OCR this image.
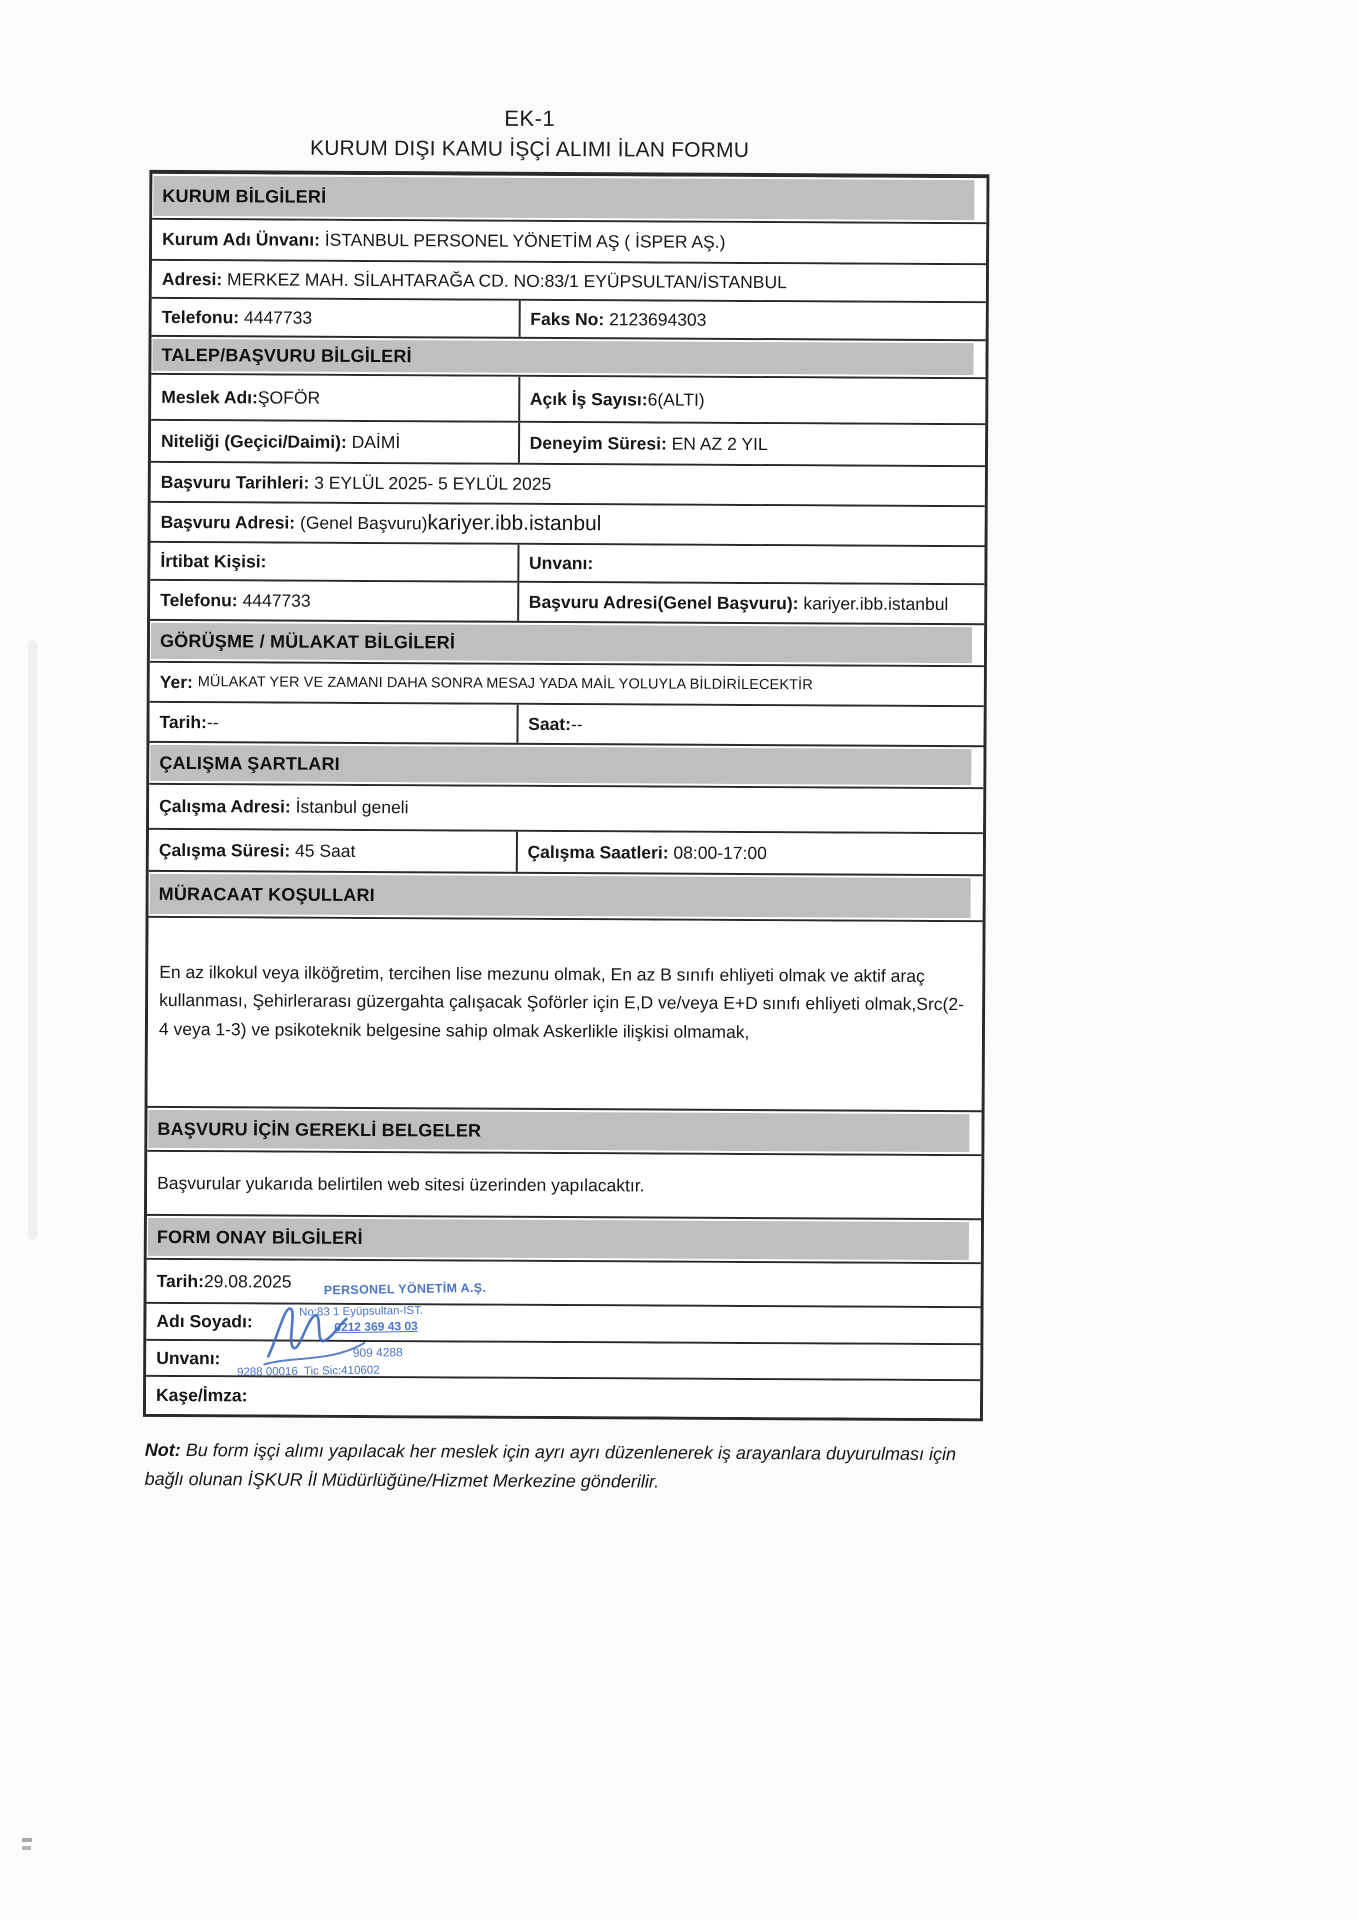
EK-1
KURUM DIŞI KAMU İŞÇİ ALIMI İLAN FORMU
KURUM BİLGİLERİ
Kurum Adı Ünvanı: İSTANBUL PERSONEL YÖNETİM AŞ ( İSPER AŞ.)
Adresi: MERKEZ MAH. SİLAHTARAĞA CD. NO:83/1 EYÜPSULTAN/İSTANBUL
Telefonu: 4447733	Faks No: 2123694303
TALEP/BAŞVURU BİLGİLERİ
Meslek Adı: ŞOFÖR	Açık İş Sayısı: 6(ALTI)
Niteliği (Geçici/Daimi): DAİMİ	Deneyim Süresi: EN AZ 2 YIL
Başvuru Tarihleri: 3 EYLÜL 2025- 5 EYLÜL 2025
Başvuru Adresi: (Genel Başvuru) kariyer.ibb.istanbul
İrtibat Kişisi:	Unvanı:
Telefonu: 4447733	Başvuru Adresi(Genel Başvuru): kariyer.ibb.istanbul
GÖRÜŞME / MÜLAKAT BİLGİLERİ
Yer: MÜLAKAT YER VE ZAMANI DAHA SONRA MESAJ YADA MAİL YOLUYLA BİLDİRİLECEKTİR
Tarih: --	Saat: --
ÇALIŞMA ŞARTLARI
Çalışma Adresi: İstanbul geneli
Çalışma Süresi: 45 Saat	Çalışma Saatleri: 08:00-17:00
MÜRACAAT KOŞULLARI
En az ilkokul veya ilköğretim, tercihen lise mezunu olmak, En az B sınıfı ehliyeti olmak ve aktif araç kullanması, Şehirlerarası güzergahta çalışacak Şoförler için E,D ve/veya E+D sınıfı ehliyeti olmak,Src(2-4 veya 1-3) ve psikoteknik belgesine sahip olmak Askerlikle ilişkisi olmamak,
BAŞVURU İÇİN GEREKLİ BELGELER
Başvurular yukarıda belirtilen web sitesi üzerinden yapılacaktır.
FORM ONAY BİLGİLERİ
Tarih: 29.08.2025
Adı Soyadı:
Unvanı:
Kaşe/İmza:
PERSONEL YÖNETİM A.Ş.
No:83 1 Eyüpsultan-İST.
0212 369 43 03
909 4288
9288 00016  Tic Sic:410602
Not: Bu form işçi alımı yapılacak her meslek için ayrı ayrı düzenlenerek iş arayanlara duyurulması için bağlı olunan İŞKUR İl Müdürlüğüne/Hizmet Merkezine gönderilir.
